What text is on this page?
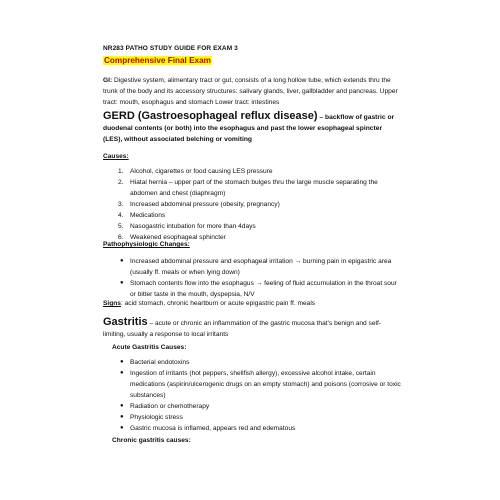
NR283 PATHO STUDY GUIDE FOR EXAM 3
Comprehensive Final Exam
GI: Digestive system, alimentary tract or gut, consists of a long hollow tube, which extends thru the trunk of the body and its accessory structures: salivary glands, liver, gallbladder and pancreas. Upper tract: mouth, esophagus and stomach Lower tract: intestines
GERD (Gastroesophageal reflux disease) – backflow of gastric or duodenal contents (or both) into the esophagus and past the lower esophageal spincter (LES), without associated belching or vomiting
Causes:
1. Alcohol, cigarettes or food causing LES pressure
2. Hiatal hernia – upper part of the stomach bulges thru the large muscle separating the abdomen and chest (diaphragm)
3. Increased abdominal pressure (obesity, pregnancy)
4. Medications
5. Nasogastric intubation for more than 4days
6. Weakened esophageal sphincter
Pathophysiologic Changes:
● Increased abdominal pressure and esophageal irritation → burning pain in epigastric area (usually ff. meals or when lying down)
● Stomach contents flow into the esophagus → feeling of fluid accumulation in the throat sour or bitter taste in the mouth, dyspepsia, N/V
Signs: acid stomach, chronic heartburn or acute epigastric pain ff. meals
Gastritis – acute or chronic an inflammation of the gastric mucosa that’s benign and self-limiting, usually a response to local irritants
Acute Gastritis Causes:
● Bacterial endotoxins
● Ingestion of irritants (hot peppers, shellfish allergy), excessive alcohol intake, certain medications (aspirin/ulcerogenic drugs on an empty stomach) and poisons (corrosive or toxic substances)
● Radiation or chemotherapy
● Physiologic stress
● Gastric mucosa is inflamed, appears red and edematous
Chronic gastritis causes:
